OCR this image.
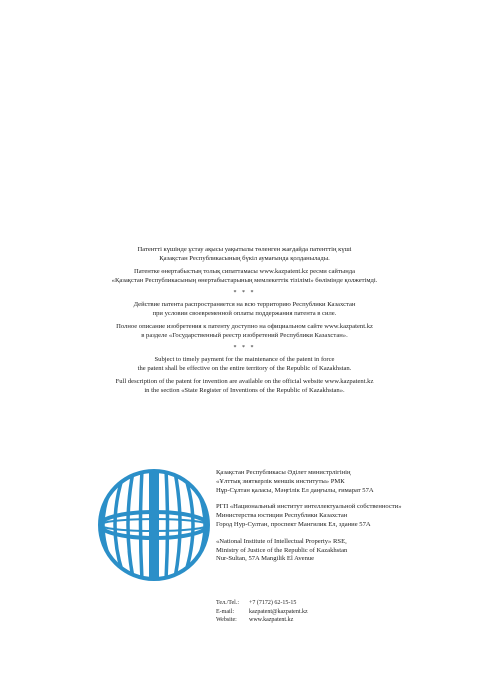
Патентті күшінде ұстау ақысы уақытылы төленген жағдайда патенттің күші
Қазақстан Республикасының бүкіл аумағында қолданылады.

Патентке өнертабыстың толық сипаттамасы www.kazpatent.kz ресми сайтында
«Қазақстан Республикасының өнертабыстарының мемлекеттік тізілімі» бөлімінде қолжетімді.

* * *

Действие патента распространяется на всю территорию Республики Казахстан
при условии своевременной оплаты поддержания патента в силе.

Полное описание изобретения к патенту доступно на официальном сайте www.kazpatent.kz
в разделе «Государственный реестр изобретений Республики Казахстан».

* * *

Subject to timely payment for the maintenance of the patent in force
the patent shall be effective on the entire territory of the Republic of Kazakhstan.

Full description of the patent for invention are available on the official website www.kazpatent.kz
in the section «State Register of Inventions of the Republic of Kazakhstan».

Қазақстан Республикасы Әділет министрлігінің
«Ұлттық зияткерлік меншік институты» РМК
Нұр-Сұлтан қаласы, Мәңгілік Ел даңғылы, ғимарат 57А
РГП «Национальный институт интеллектуальной собственности»
Министерства юстиции Республики Казахстан
Город Нур-Султан, проспект Мангилик Ел, здание 57А
«National Institute of Intellectual Property» RSE,
Ministry of Justice of the Republic of Kazakhstan
Nur-Sultan, 57A Mangilik El Avenue
Тел./Tel.: +7 (7172) 62-15-15
E-mail:	kazpatent@kazpatent.kz
Website: www.kazpatent.kz
